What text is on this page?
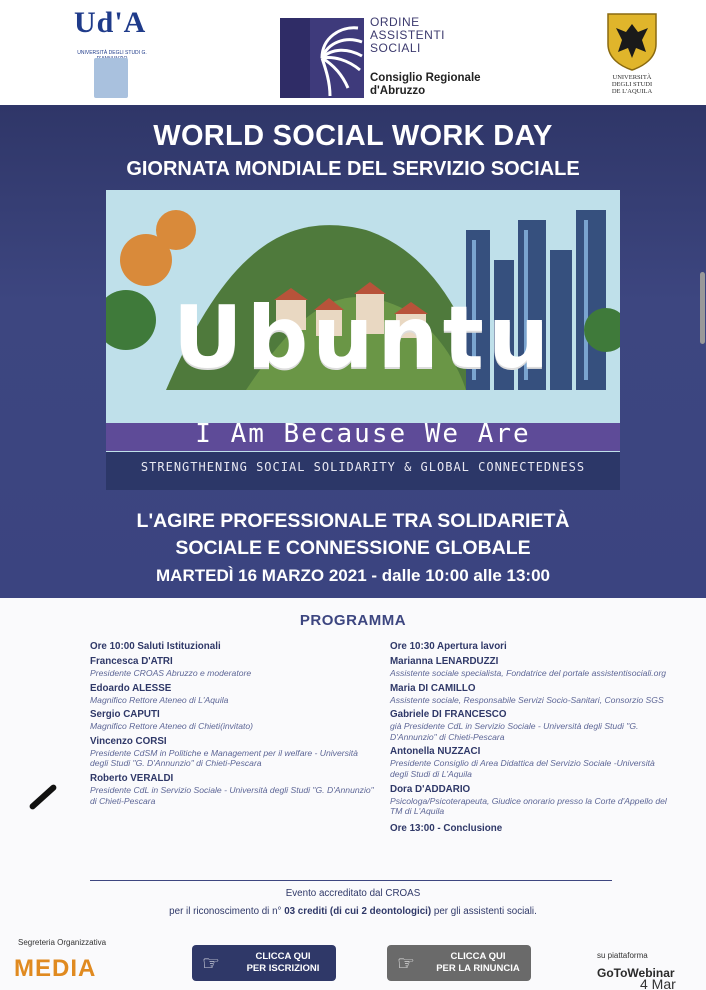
Ud'A
UNIVERSITÀ DEGLI STUDI G.
ORDINE
ASSISTENTI
SOCIALI
Consiglio Regionale
d'Abruzzo
UNIVERSITÀ
DEGLI STUDI
DE L'AQUILA
WORLD SOCIAL WORK DAY
GIORNATA MONDIALE DEL SERVIZIO SOCIALE
Ubuntu
I Am Because We Are
STRENGTHENING SOCIAL SOLIDARITY & GLOBAL CONNECTEDNESS
L'AGIRE PROFESSIONALE TRA SOLIDARIETÀ
SOCIALE E CONNESSIONE GLOBALE
MARTEDÌ 16 MARZO 2021 - dalle 10:00 alle 13:00
PROGRAMMA
Ore 10:00 Saluti Istituzionali
Francesca D'ATRI
Presidente CROAS Abruzzo e moderatore
Edoardo ALESSE
Magnifico Rettore Ateneo di L'Aquila
Sergio CAPUTI
Magnifico Rettore Ateneo di Chieti(invitato)
Vincenzo CORSI
Presidente CdSM in Politiche e Management per il welfare - Università degli Studi "G. D'Annunzio" di Chieti-Pescara
Roberto VERALDI
Presidente CdL in Servizio Sociale - Università degli Studi "G. D'Annunzio" di Chieti-Pescara
Ore 10:30 Apertura lavori
Marianna LENARDUZZI
Assistente sociale specialista, Fondatrice del portale assistentisociali.org
Maria DI CAMILLO
Assistente sociale, Responsabile Servizi Socio-Sanitari, Consorzio SGS
Gabriele DI FRANCESCO
già Presidente CdL in Servizio Sociale - Università degli Studi "G. D'Annunzio" di Chieti-Pescara
Antonella NUZZACI
Presidente Consiglio di Area Didattica del Servizio Sociale -Università degli Studi di L'Aquila
Dora D'ADDARIO
Psicologa/Psicoterapeuta, Giudice onorario presso la Corte d'Appello del TM di L'Aquila
Ore 13:00 - Conclusione
Evento accreditato dal CROAS
per il riconoscimento di n° 03 crediti (di cui 2 deontologici) per gli assistenti sociali.
Segreteria Organizzativa
MEDIA	☞	CLICCA QUI
PER ISCRIZIONI	☞	CLICCA QUI
PER LA RINUNCIA
su piattaforma
GoToWebinar
4 Mar
